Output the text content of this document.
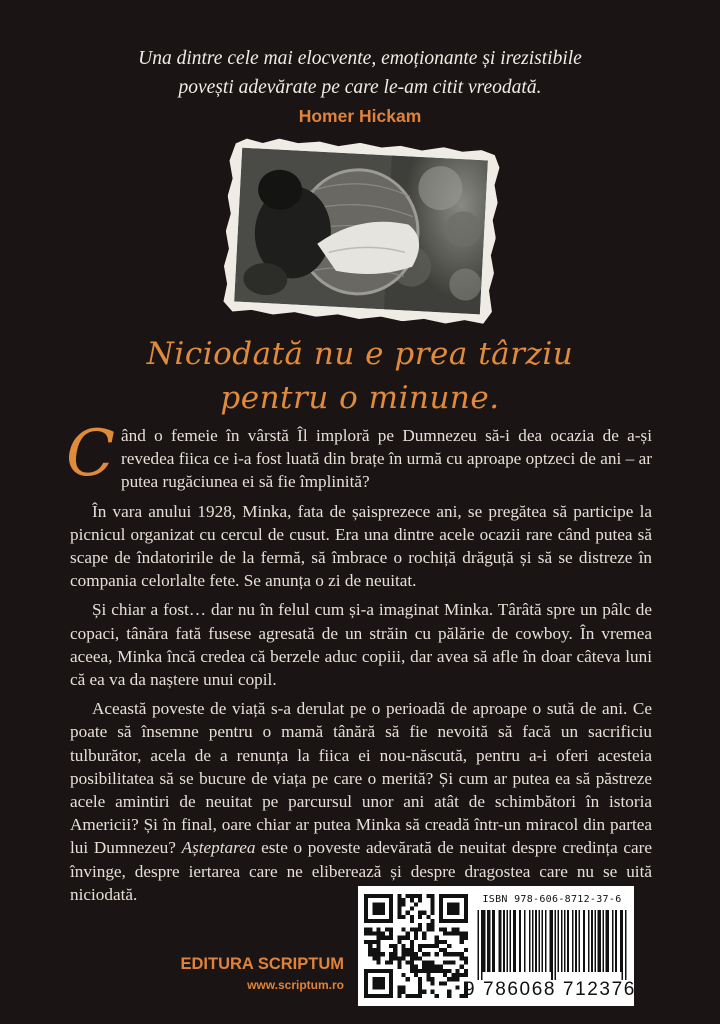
Una dintre cele mai elocvente, emoționante și irezistibile
povești adevărate pe care le-am citit vreodată.
Homer Hickam
Niciodată nu e prea târziu
pentru o minune.

Când o femeie în vârstă Îl imploră pe Dumnezeu să-i dea ocazia de a-și revedea fiica ce i-a fost luată din brațe în urmă cu aproape optzeci de ani – ar putea rugăciunea ei să fie împlinită?

În vara anului 1928, Minka, fata de șaisprezece ani, se pregătea să participe la picnicul organizat cu cercul de cusut. Era una dintre acele ocazii rare când putea să scape de îndatoririle de la fermă, să îmbrace o rochiță drăguță și să se distreze în compania celorlalte fete. Se anunța o zi de neuitat.

Și chiar a fost… dar nu în felul cum și-a imaginat Minka. Târâtă spre un pâlc de copaci, tânăra fată fusese agresată de un străin cu pălărie de cowboy. În vremea aceea, Minka încă credea că berzele aduc copiii, dar avea să afle în doar câteva luni că ea va da naștere unui copil.

Această poveste de viață s-a derulat pe o perioadă de aproape o sută de ani. Ce poate să însemne pentru o mamă tânără să fie nevoită să facă un sacrificiu tulburător, acela de a renunța la fiica ei nou-născută, pentru a-i oferi acesteia posibilitatea să se bucure de viața pe care o merită? Și cum ar putea ea să păstreze acele amintiri de neuitat pe parcursul unor ani atât de schimbători în istoria Americii? Și în final, oare chiar ar putea Minka să creadă într-un miracol din partea lui Dumnezeu? Așteptarea este o poveste adevărată de neuitat despre credința care învinge, despre iertarea care ne eliberează și despre dragostea care nu se uită niciodată.

EDITURA SCRIPTUM
www.scriptum.ro
ISBN 978-606-8712-37-6
9 786068 712376
